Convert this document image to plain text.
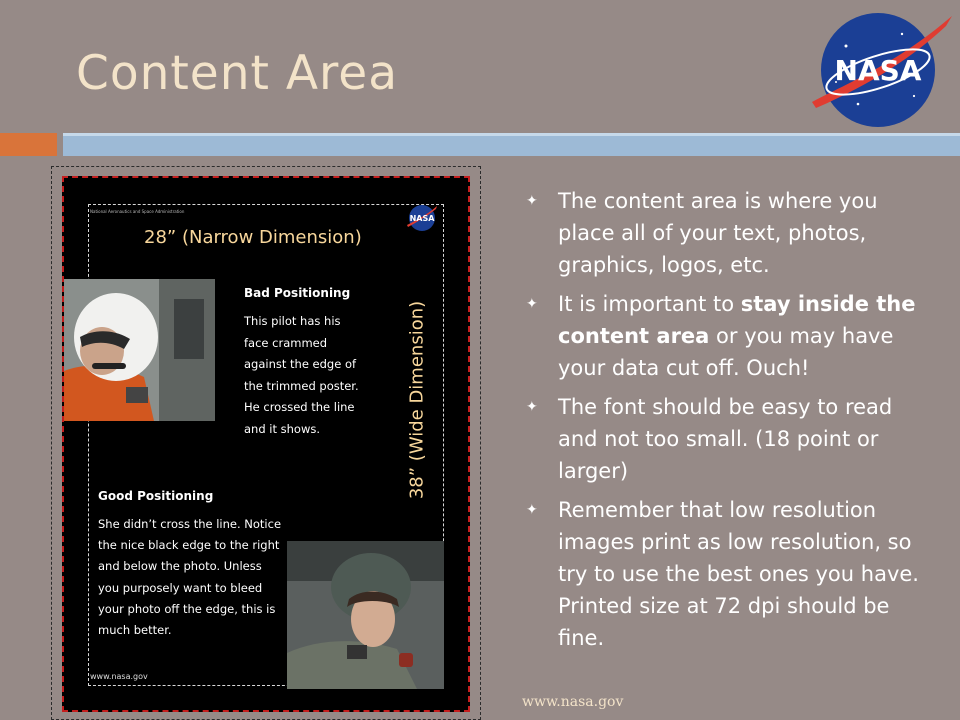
Content Area	NASA
National Aeronautics and Space Administration
NASA
28” (Narrow Dimension)
38” (Wide Dimension)
Bad Positioning
This pilot has his face crammed against the edge of the trimmed poster. He crossed the line and it shows.
Good Positioning
She didn’t cross the line. Notice the nice black edge to the right and below the photo. Unless you purposely want to bleed your photo off the edge, this is much better.
www.nasa.gov
✦ The content area is where you place all of your text, photos, graphics, logos, etc.
✦ It is important to stay inside the content area or you may have your data cut off. Ouch!
✦ The font should be easy to read and not too small. (18 point or larger)
✦ Remember that low resolution images print as low resolution, so try to use the best ones you have. Printed size at 72 dpi should be fine.
www.nasa.gov
